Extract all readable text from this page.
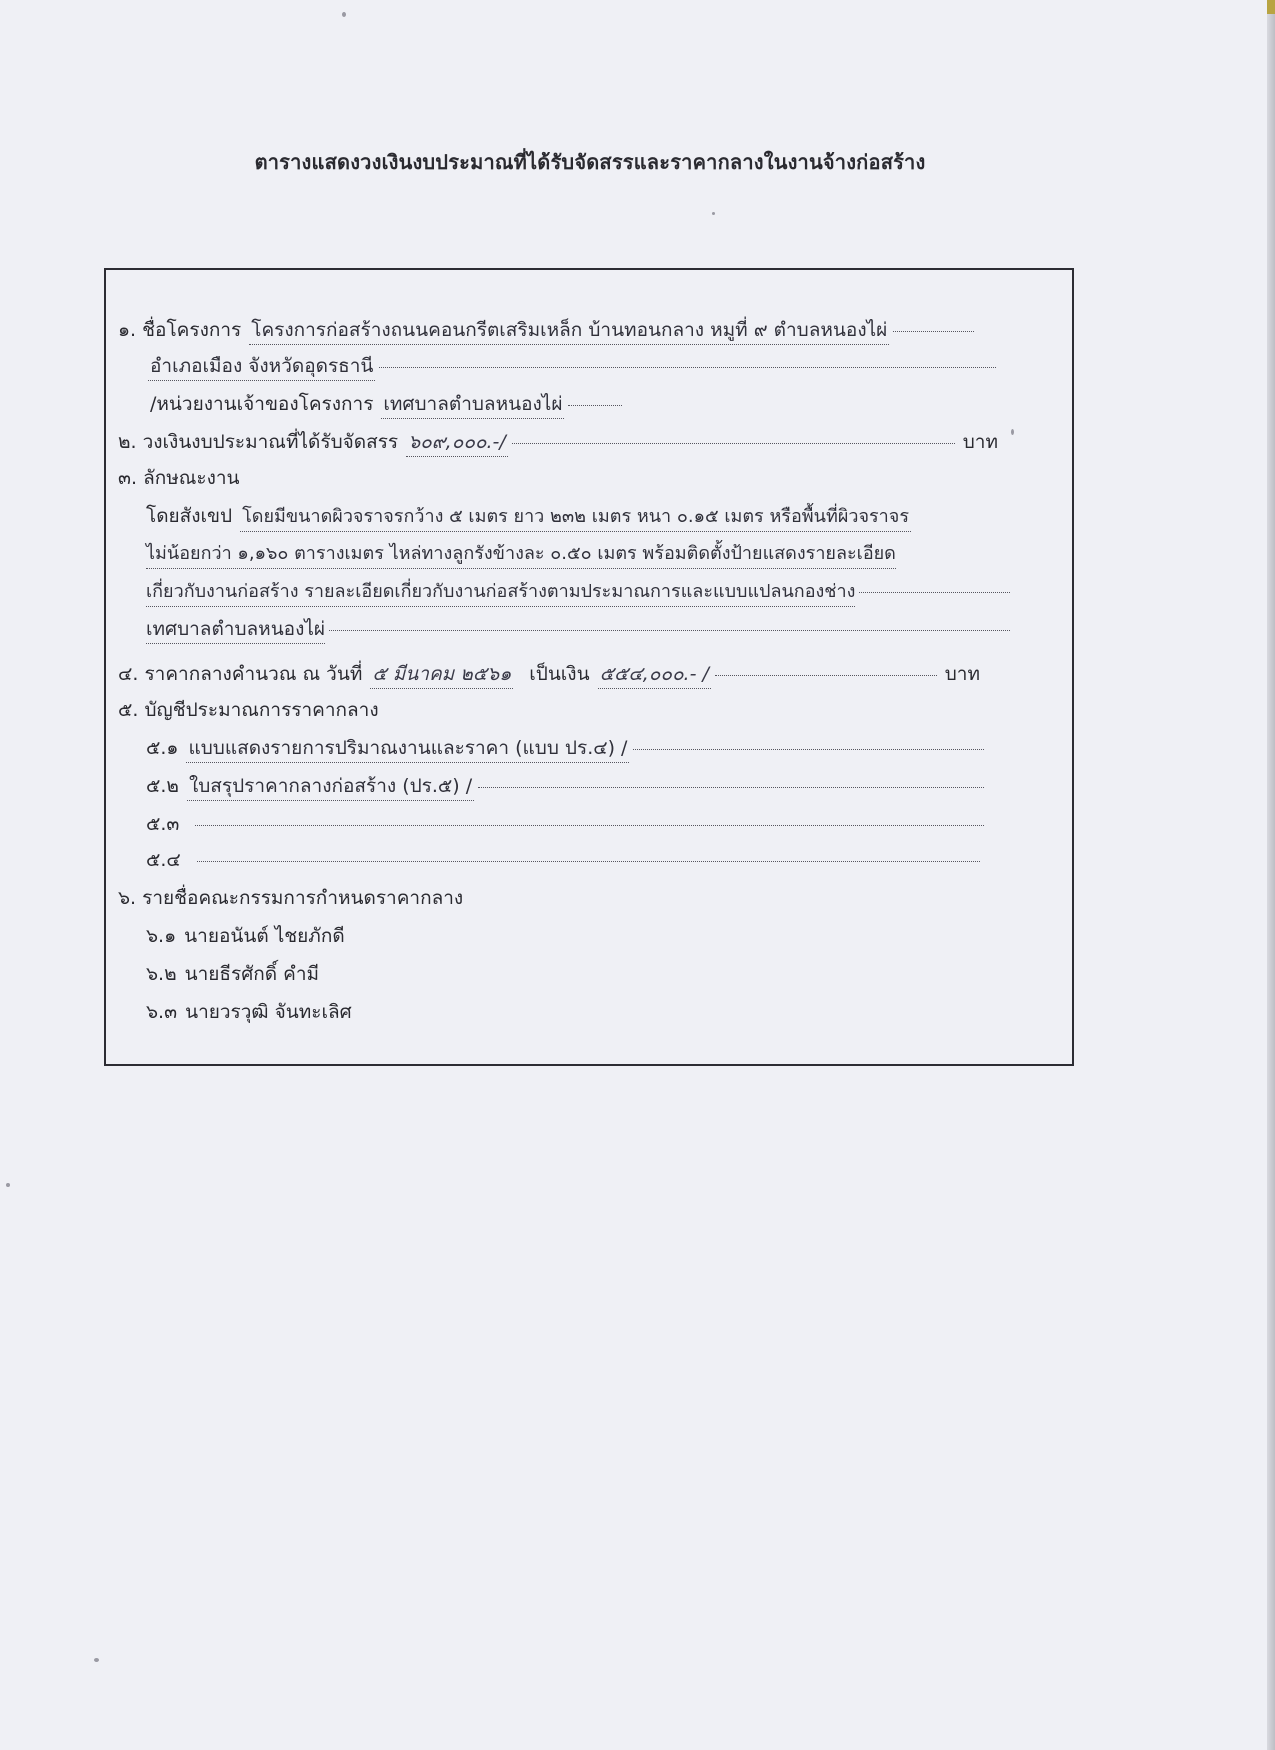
ตารางแสดงวงเงินงบประมาณที่ได้รับจัดสรรและราคากลางในงานจ้างก่อสร้าง
๑. ชื่อโครงการ โครงการก่อสร้างถนนคอนกรีตเสริมเหล็ก บ้านทอนกลาง หมูที่ ๙ ตำบลหนองไผ่
อำเภอเมือง จังหวัดอุดรธานี
/หน่วยงานเจ้าของโครงการ เทศบาลตำบลหนองไผ่
๒. วงเงินงบประมาณที่ได้รับจัดสรร ๖๐๙,๐๐๐.-/	บาท
๓. ลักษณะงาน
โดยสังเขป โดยมีขนาดผิวจราจรกว้าง ๕ เมตร ยาว ๒๓๒ เมตร หนา ๐.๑๕ เมตร หรือพื้นที่ผิวจราจร
ไม่น้อยกว่า ๑,๑๖๐ ตารางเมตร ไหล่ทางลูกรังข้างละ ๐.๕๐ เมตร พร้อมติดตั้งป้ายแสดงรายละเอียด
เกี่ยวกับงานก่อสร้าง รายละเอียดเกี่ยวกับงานก่อสร้างตามประมาณการและแบบแปลนกองช่าง
เทศบาลตำบลหนองไผ่
๔. ราคากลางคำนวณ ณ วันที่ ๕ มีนาคม ๒๕๖๑ เป็นเงิน ๕๕๔,๐๐๐.- /	บาท
๕. บัญชีประมาณการราคากลาง
๕.๑ แบบแสดงรายการปริมาณงานและราคา (แบบ ปร.๔) /
๕.๒ ใบสรุปราคากลางก่อสร้าง (ปร.๕) /
๕.๓
๕.๔
๖. รายชื่อคณะกรรมการกำหนดราคากลาง
๖.๑ นายอนันต์ ไชยภักดี
๖.๒ นายธีรศักดิ์ คำมี
๖.๓ นายวรวุฒิ จันทะเลิศ
